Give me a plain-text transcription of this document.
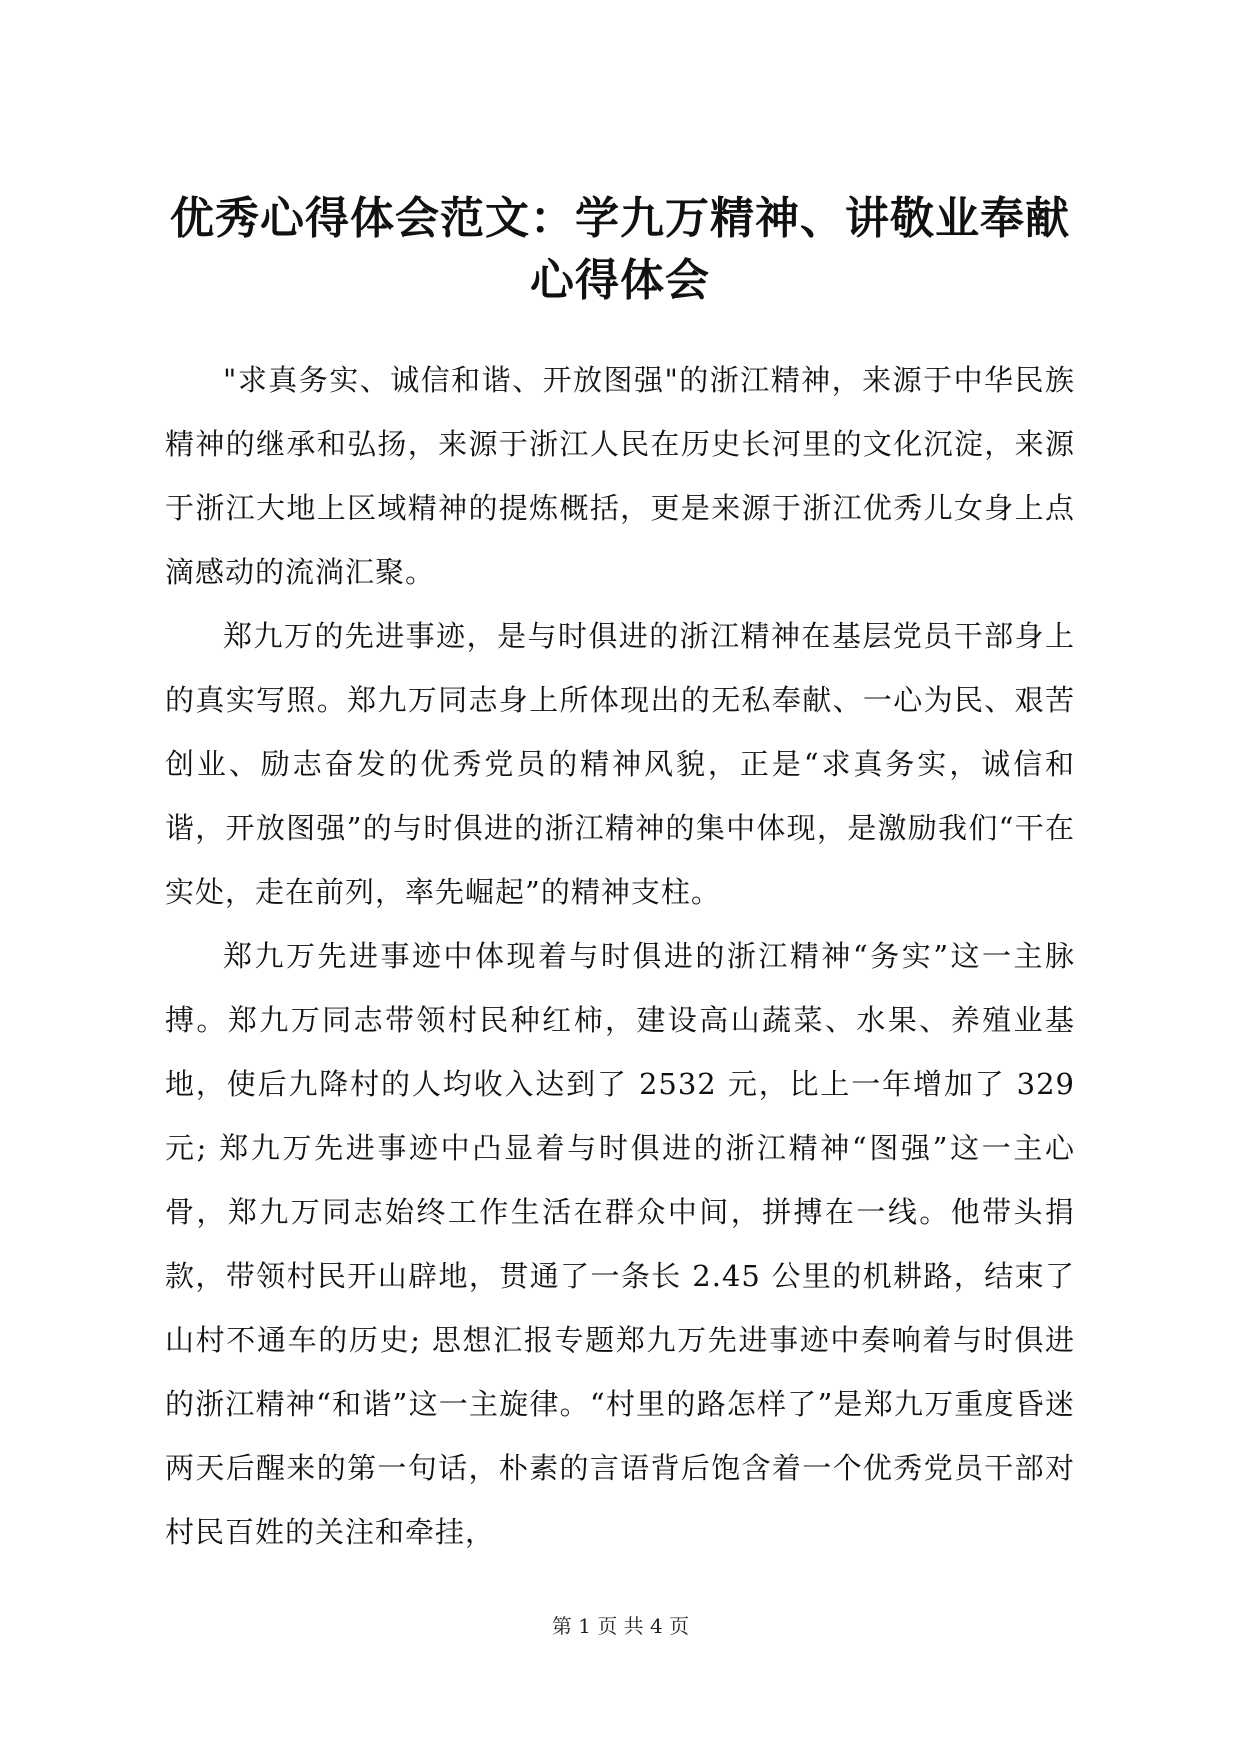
优秀心得体会范文：学九万精神、讲敬业奉献
心得体会

"求真务实、诚信和谐、开放图强"的浙江精神，来源于中华民族精神的继承和弘扬，来源于浙江人民在历史长河里的文化沉淀，来源于浙江大地上区域精神的提炼概括，更是来源于浙江优秀儿女身上点滴感动的流淌汇聚。

郑九万的先进事迹，是与时俱进的浙江精神在基层党员干部身上的真实写照。郑九万同志身上所体现出的无私奉献、一心为民、艰苦创业、励志奋发的优秀党员的精神风貌，正是“求真务实，诚信和谐，开放图强”的与时俱进的浙江精神的集中体现，是激励我们“干在实处，走在前列，率先崛起”的精神支柱。

郑九万先进事迹中体现着与时俱进的浙江精神“务实”这一主脉搏。郑九万同志带领村民种红柿，建设高山蔬菜、水果、养殖业基地，使后九降村的人均收入达到了 2532 元，比上一年增加了 329 元; 郑九万先进事迹中凸显着与时俱进的浙江精神“图强”这一主心骨，郑九万同志始终工作生活在群众中间，拼搏在一线。他带头捐款，带领村民开山辟地，贯通了一条长 2.45 公里的机耕路，结束了山村不通车的历史; 思想汇报专题郑九万先进事迹中奏响着与时俱进的浙江精神“和谐”这一主旋律。“村里的路怎样了”是郑九万重度昏迷两天后醒来的第一句话，朴素的言语背后饱含着一个优秀党员干部对村民百姓的关注和牵挂，

第 1 页 共 4 页
